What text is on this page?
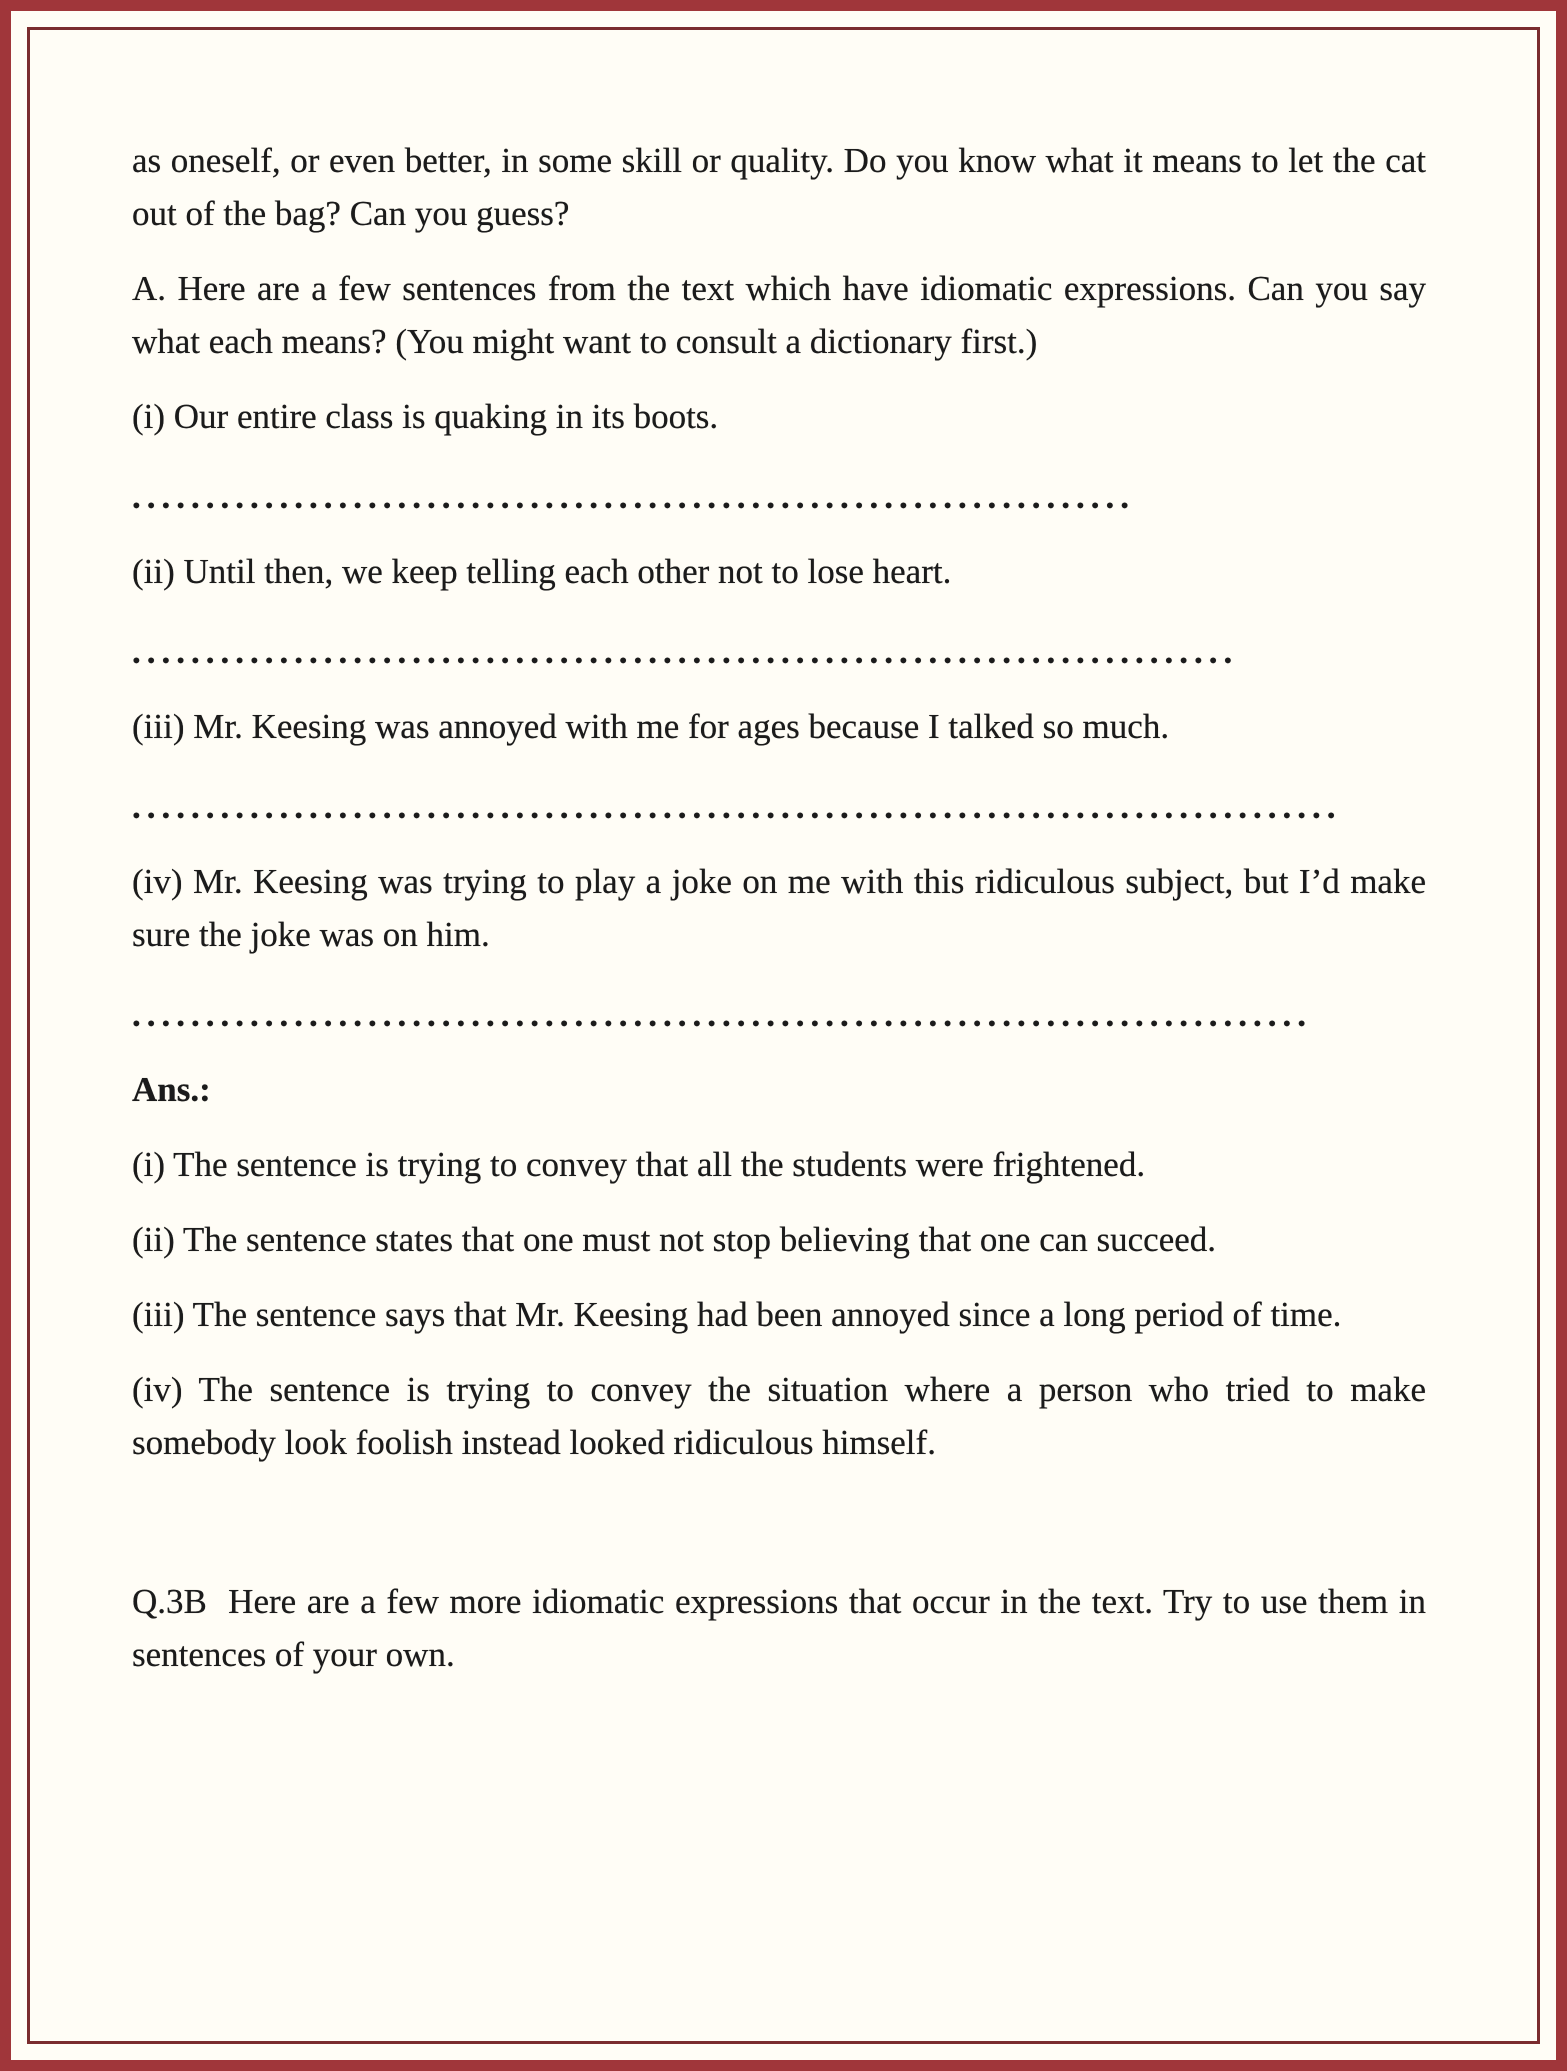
as oneself, or even better, in some skill or quality. Do you know what it means to let the cat out of the bag? Can you guess?

A. Here are a few sentences from the text which have idiomatic expressions. Can you say what each means? (You might want to consult a dictionary first.)

(i) Our entire class is quaking in its boots.

....................................................................

(ii) Until then, we keep telling each other not to lose heart.

...........................................................................

(iii) Mr. Keesing was annoyed with me for ages because I talked so much.

..................................................................................

(iv) Mr. Keesing was trying to play a joke on me with this ridiculous subject, but I’d make sure the joke was on him.

................................................................................

Ans.:

(i) The sentence is trying to convey that all the students were frightened.

(ii) The sentence states that one must not stop believing that one can succeed.

(iii) The sentence says that Mr. Keesing had been annoyed since a long period of time.

(iv) The sentence is trying to convey the situation where a person who tried to make somebody look foolish instead looked ridiculous himself.

Q.3B  Here are a few more idiomatic expressions that occur in the text. Try to use them in sentences of your own.
